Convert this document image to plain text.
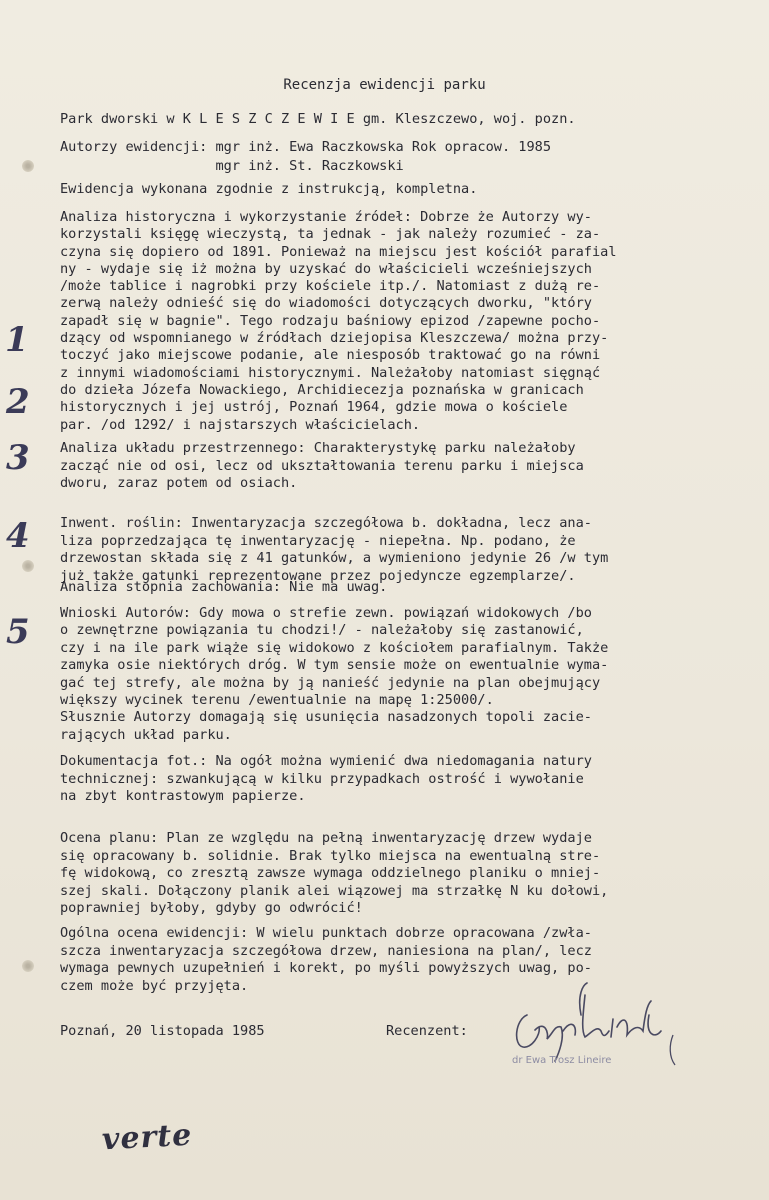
Recenzja ewidencji parku
Park dworski w K L E S Z C Z E W I E gm. Kleszczewo, woj. pozn.
Autorzy ewidencji: mgr inż. Ewa Raczkowska Rok opracow. 1985
mgr inż. St. Raczkowski
Ewidencja wykonana zgodnie z instrukcją, kompletna.
Analiza historyczna i wykorzystanie źródeł: Dobrze że Autorzy wy-
korzystali księgę wieczystą, ta jednak - jak należy rozumieć - za-
czyna się dopiero od 1891. Ponieważ na miejscu jest kościół parafial
ny - wydaje się iż można by uzyskać do właścicieli wcześniejszych
/może tablice i nagrobki przy kościele itp./. Natomiast z dużą re-
zerwą należy odnieść się do wiadomości dotyczących dworku, "który
zapadł się w bagnie". Tego rodzaju baśniowy epizod /zapewne pocho-
dzący od wspomnianego w źródłach dziejopisa Kleszczewa/ można przy-
toczyć jako miejscowe podanie, ale niesposób traktować go na równi
z innymi wiadomościami historycznymi. Należałoby natomiast sięgnąć
do dzieła Józefa Nowackiego, Archidiecezja poznańska w granicach
historycznych i jej ustrój, Poznań 1964, gdzie mowa o kościele
par. /od 1292/ i najstarszych właścicielach.
Analiza układu przestrzennego: Charakterystykę parku należałoby
zacząć nie od osi, lecz od ukształtowania terenu parku i miejsca
dworu, zaraz potem od osiach.
Inwent. roślin: Inwentaryzacja szczegółowa b. dokładna, lecz ana-
liza poprzedzająca tę inwentaryzację - niepełna. Np. podano, że
drzewostan składa się z 41 gatunków, a wymieniono jedynie 26 /w tym
już także gatunki reprezentowane przez pojedyncze egzemplarze/.
Analiza stopnia zachowania: Nie ma uwag.
Wnioski Autorów: Gdy mowa o strefie zewn. powiązań widokowych /bo
o zewnętrzne powiązania tu chodzi!/ - należałoby się zastanowić,
czy i na ile park wiąże się widokowo z kościołem parafialnym. Także
zamyka osie niektórych dróg. W tym sensie może on ewentualnie wyma-
gać tej strefy, ale można by ją nanieść jedynie na plan obejmujący
większy wycinek terenu /ewentualnie na mapę 1:25000/.
Słusznie Autorzy domagają się usunięcia nasadzonych topoli zacie-
rających układ parku.
Dokumentacja fot.: Na ogół można wymienić dwa niedomagania natury
technicznej: szwankującą w kilku przypadkach ostrość i wywołanie
na zbyt kontrastowym papierze.
Ocena planu: Plan ze względu na pełną inwentaryzację drzew wydaje
się opracowany b. solidnie. Brak tylko miejsca na ewentualną stre-
fę widokową, co zresztą zawsze wymaga oddzielnego planiku o mniej-
szej skali. Dołączony planik alei wiązowej ma strzałkę N ku dołowi,
poprawniej byłoby, gdyby go odwrócić!
Ogólna ocena ewidencji: W wielu punktach dobrze opracowana /zwła-
szcza inwentaryzacja szczegółowa drzew, naniesiona na plan/, lecz
wymaga pewnych uzupełnień i korekt, po myśli powyższych uwag, po-
czem może być przyjęta.
Poznań, 20 listopada 1985	Recenzent:
dr Ewa Trosz Lineire
1
2
3
4
5
verte
